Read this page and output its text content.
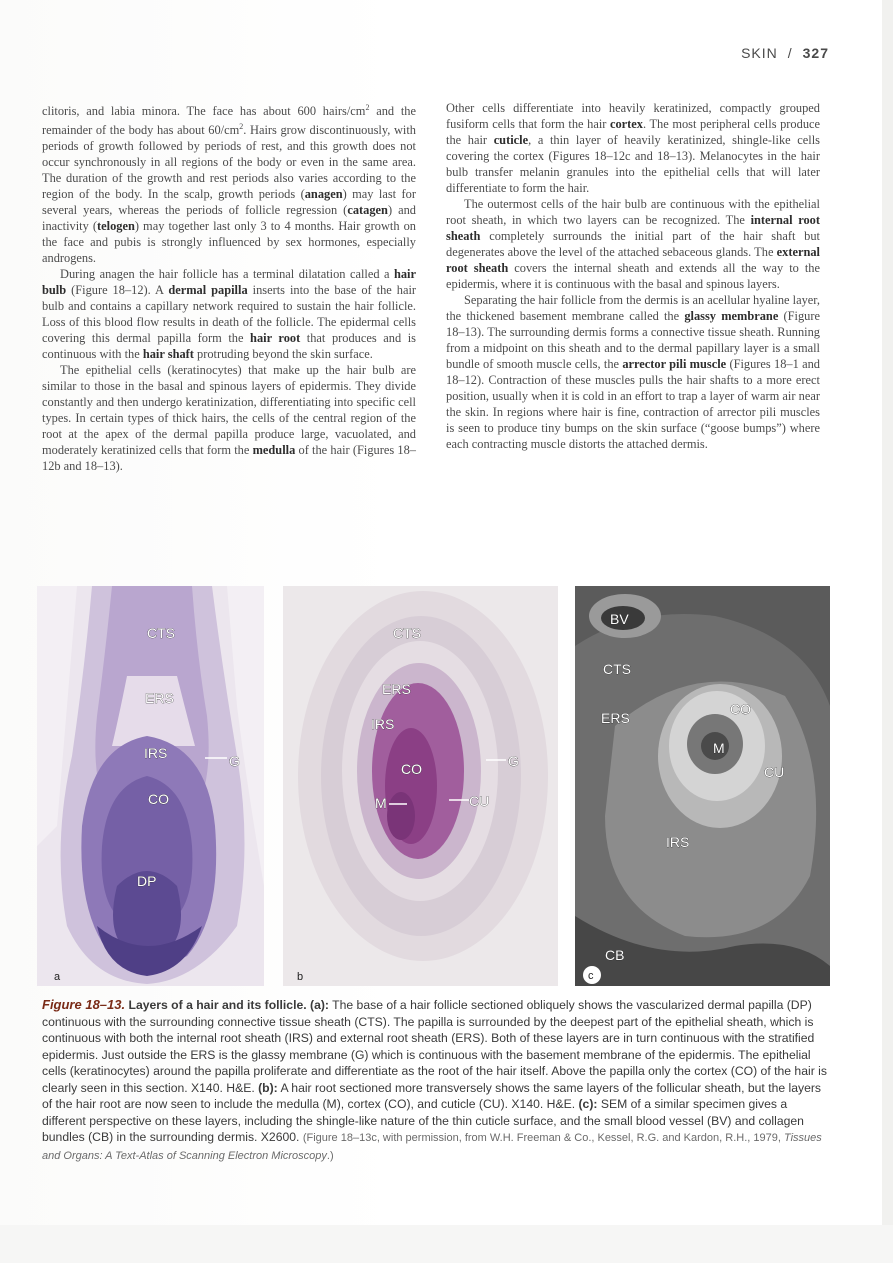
SKIN / 327

clitoris, and labia minora. The face has about 600 hairs/$cm^2$ and the remainder of the body has about $60/cm^2$. Hairs grow discontinuously, with periods of growth followed by periods of rest, and this growth does not occur synchronously in all regions of the body or even in the same area. The duration of the growth and rest periods also varies according to the region of the body. In the scalp, growth periods (anagen) may last for several years, whereas the periods of follicle regression (catagen) and inactivity (telogen) may together last only 3 to 4 months. Hair growth on the face and pubis is strongly influenced by sex hormones, especially androgens.

During anagen the hair follicle has a terminal dilatation called a hair bulb (Figure 18–12). A dermal papilla inserts into the base of the hair bulb and contains a capillary network required to sustain the hair follicle. Loss of this blood flow results in death of the follicle. The epidermal cells covering this dermal papilla form the hair root that produces and is continuous with the hair shaft protruding beyond the skin surface.

The epithelial cells (keratinocytes) that make up the hair bulb are similar to those in the basal and spinous layers of epidermis. They divide constantly and then undergo keratinization, differentiating into specific cell types. In certain types of thick hairs, the cells of the central region of the root at the apex of the dermal papilla produce large, vacuolated, and moderately keratinized cells that form the medulla of the hair (Figures 18–12b and 18–13).

Other cells differentiate into heavily keratinized, compactly grouped fusiform cells that form the hair cortex. The most peripheral cells produce the hair cuticle, a thin layer of heavily keratinized, shingle-like cells covering the cortex (Figures 18–12c and 18–13). Melanocytes in the hair bulb transfer melanin granules into the epithelial cells that will later differentiate to form the hair.

The outermost cells of the hair bulb are continuous with the epithelial root sheath, in which two layers can be recognized. The internal root sheath completely surrounds the initial part of the hair shaft but degenerates above the level of the attached sebaceous glands. The external root sheath covers the internal sheath and extends all the way to the epidermis, where it is continuous with the basal and spinous layers.

Separating the hair follicle from the dermis is an acellular hyaline layer, the thickened basement membrane called the glassy membrane (Figure 18–13). The surrounding dermis forms a connective tissue sheath. Running from a midpoint on this sheath and to the dermal papillary layer is a small bundle of smooth muscle cells, the arrector pili muscle (Figures 18–1 and 18–12). Contraction of these muscles pulls the hair shafts to a more erect position, usually when it is cold in an effort to trap a layer of warm air near the skin. In regions where hair is fine, contraction of arrector pili muscles is seen to produce tiny bumps on the skin surface (“goose bumps”) where each contracting muscle distorts the attached dermis.

CTS
ERS
IRS	G
CO
DP
a
CTS
ERS
IRS
CO
M	CU
G
b
BV
CTS
ERS
CO
M
CU
IRS
CB
c
Figure 18–13. Layers of a hair and its follicle. (a): The base of a hair follicle sectioned obliquely shows the vascularized dermal papilla (DP) continuous with the surrounding connective tissue sheath (CTS). The papilla is surrounded by the deepest part of the epithelial sheath, which is continuous with both the internal root sheath (IRS) and external root sheath (ERS). Both of these layers are in turn continuous with the stratified epidermis. Just outside the ERS is the glassy membrane (G) which is continuous with the basement membrane of the epidermis. The epithelial cells (keratinocytes) around the papilla proliferate and differentiate as the root of the hair itself. Above the papilla only the cortex (CO) of the hair is clearly seen in this section. X140. H&E. (b): A hair root sectioned more transversely shows the same layers of the follicular sheath, but the layers of the hair root are now seen to include the medulla (M), cortex (CO), and cuticle (CU). X140. H&E. (c): SEM of a similar specimen gives a different perspective on these layers, including the shingle-like nature of the thin cuticle surface, and the small blood vessel (BV) and collagen bundles (CB) in the surrounding dermis. X2600. (Figure 18–13c, with permission, from W.H. Freeman & Co., Kessel, R.G. and Kardon, R.H., 1979, Tissues and Organs: A Text-Atlas of Scanning Electron Microscopy.)
